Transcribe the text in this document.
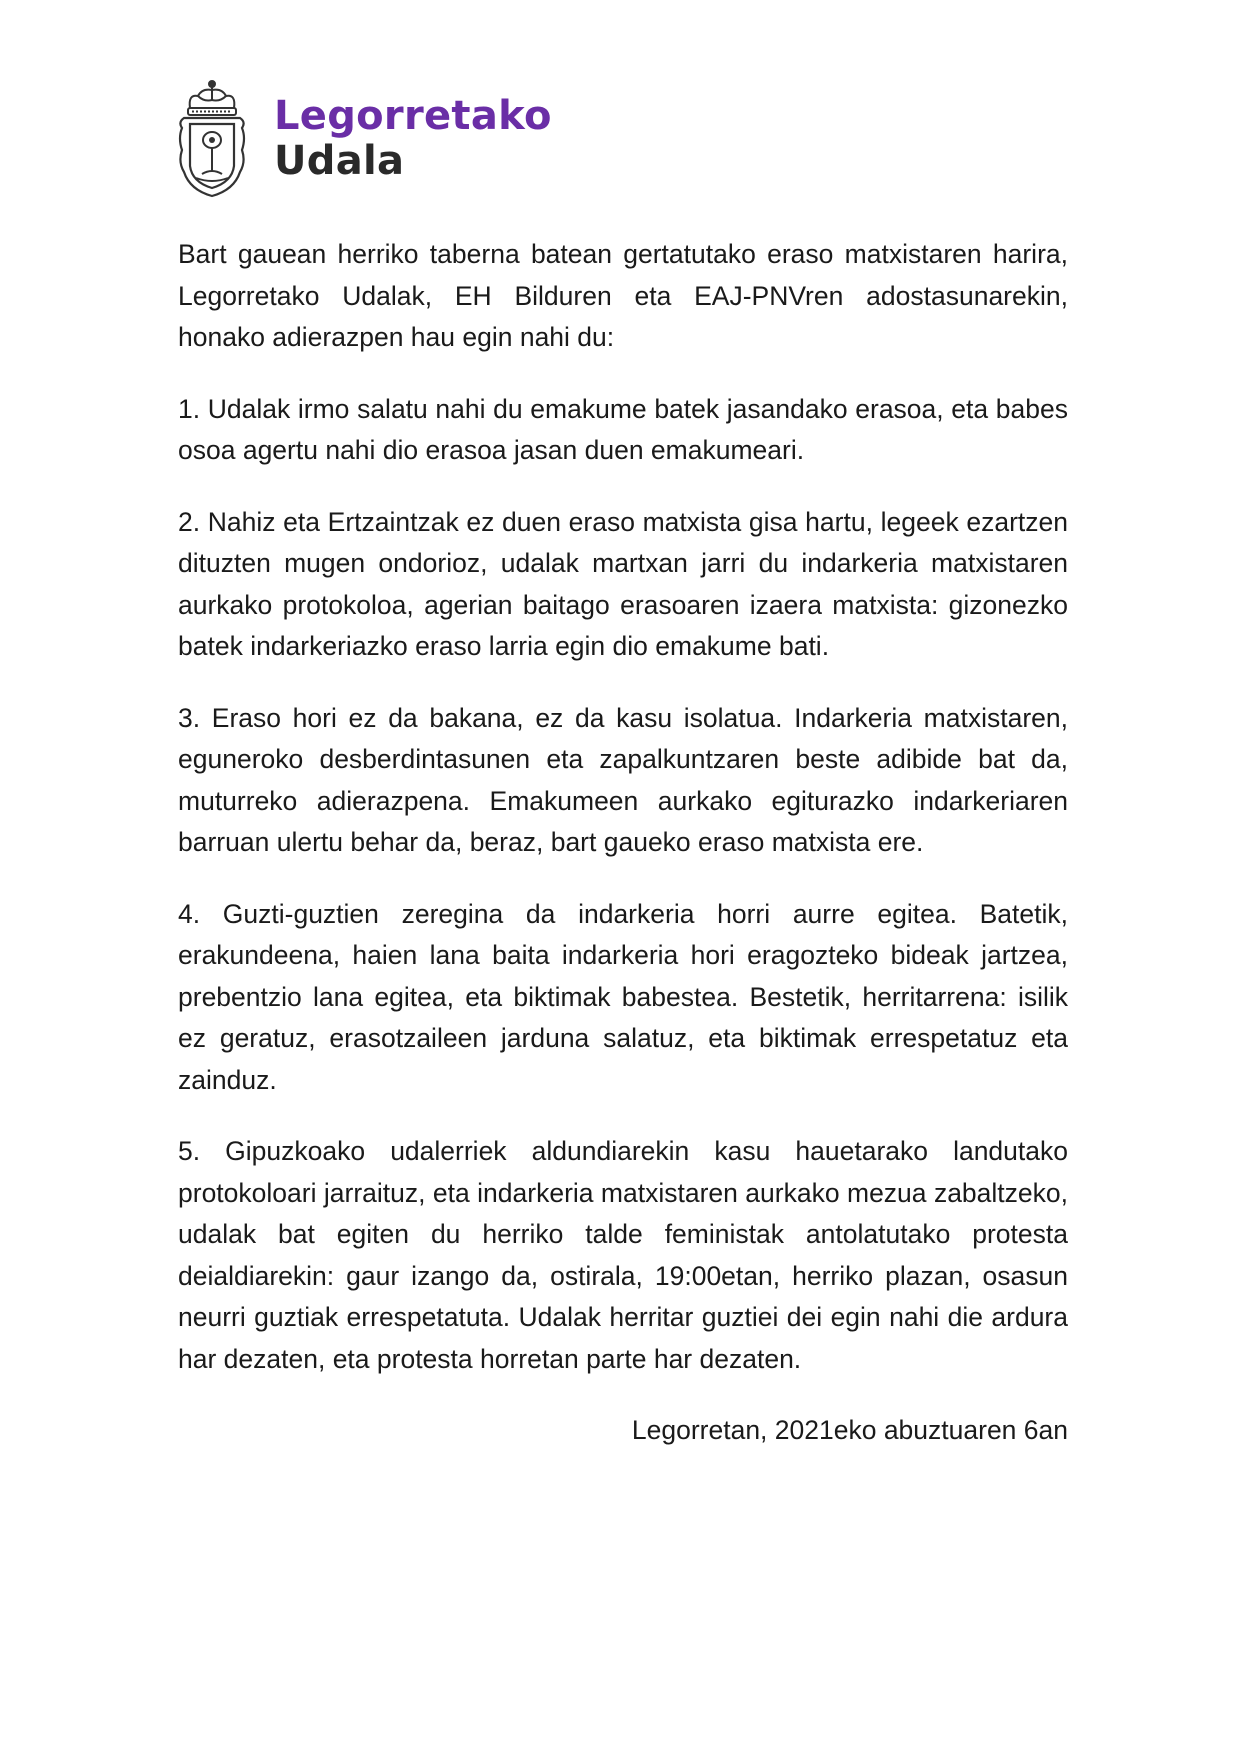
Legorretako
Udala

Bart gauean herriko taberna batean gertatutako eraso matxistaren harira, Legorretako Udalak, EH Bilduren eta EAJ-PNVren adostasunarekin, honako adierazpen hau egin nahi du:

1. Udalak irmo salatu nahi du emakume batek jasandako erasoa, eta babes osoa agertu nahi dio erasoa jasan duen emakumeari.

2. Nahiz eta Ertzaintzak ez duen eraso matxista gisa hartu, legeek ezartzen dituzten mugen ondorioz, udalak martxan jarri du indarkeria matxistaren aurkako protokoloa, agerian baitago erasoaren izaera matxista: gizonezko batek indarkeriazko eraso larria egin dio emakume bati.

3. Eraso hori ez da bakana, ez da kasu isolatua. Indarkeria matxistaren, eguneroko desberdintasunen eta zapalkuntzaren beste adibide bat da, muturreko adierazpena. Emakumeen aurkako egiturazko indarkeriaren barruan ulertu behar da, beraz, bart gaueko eraso matxista ere.

4. Guzti-guztien zeregina da indarkeria horri aurre egitea. Batetik, erakundeena, haien lana baita indarkeria hori eragozteko bideak jartzea, prebentzio lana egitea, eta biktimak babestea. Bestetik, herritarrena: isilik ez geratuz, erasotzaileen jarduna salatuz, eta biktimak errespetatuz eta zainduz.

5. Gipuzkoako udalerriek aldundiarekin kasu hauetarako landutako protokoloari jarraituz, eta indarkeria matxistaren aurkako mezua zabaltzeko, udalak bat egiten du herriko talde feministak antolatutako protesta deialdiarekin: gaur izango da, ostirala, 19:00etan, herriko plazan, osasun neurri guztiak errespetatuta. Udalak herritar guztiei dei egin nahi die ardura har dezaten, eta protesta horretan parte har dezaten.

Legorretan, 2021eko abuztuaren 6an
